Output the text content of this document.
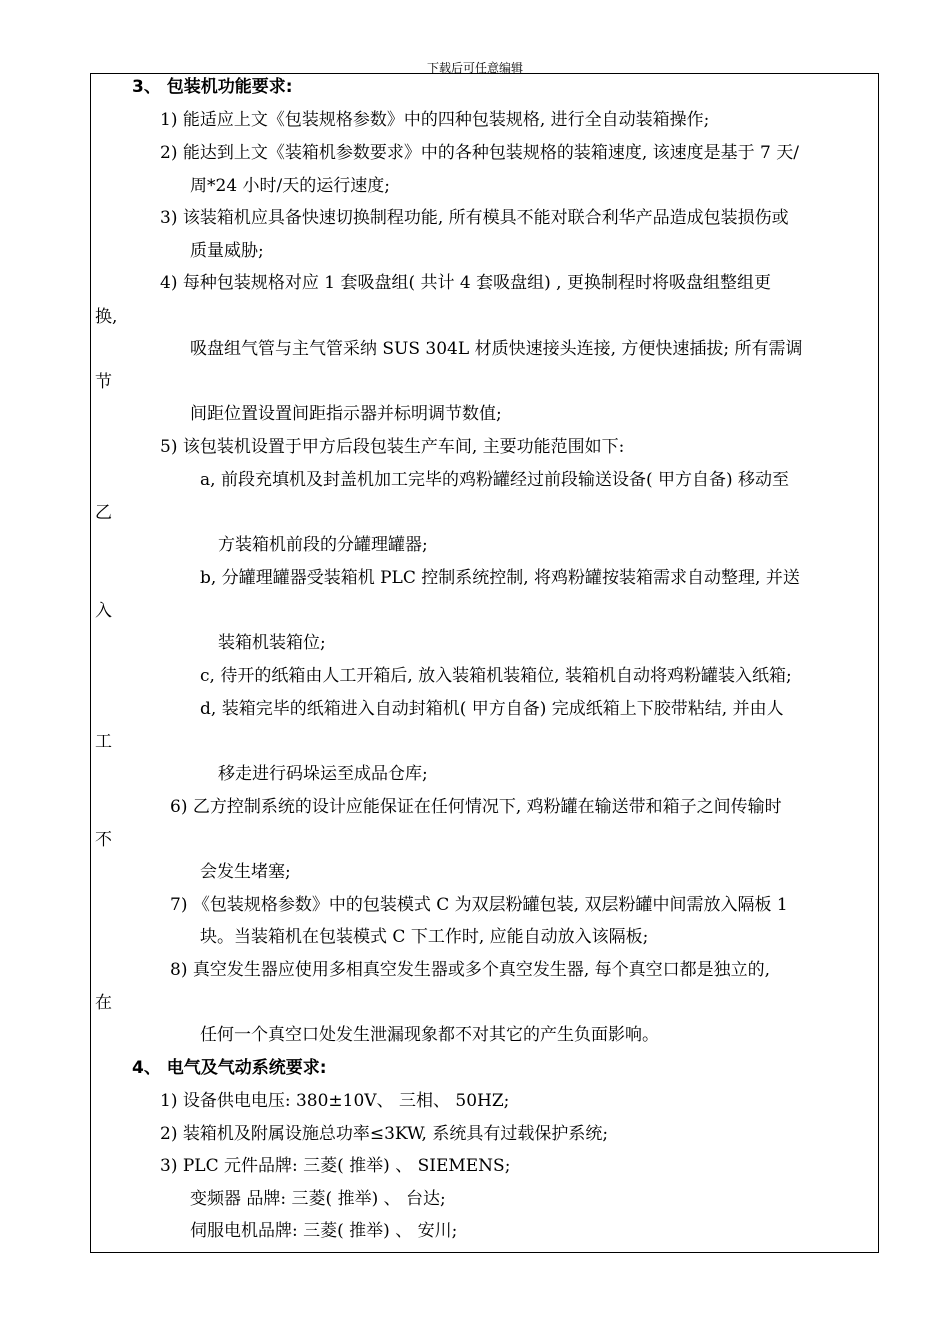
下载后可任意编辑
3、 包装机功能要求:
1) 能适应上文《包装规格参数》中的四种包装规格, 进行全自动装箱操作;
2) 能达到上文《装箱机参数要求》中的各种包装规格的装箱速度, 该速度是基于 7 天/
周*24 小时/天的运行速度;
3) 该装箱机应具备快速切换制程功能, 所有模具不能对联合利华产品造成包装损伤或
质量威胁;
4) 每种包装规格对应 1 套吸盘组( 共计 4 套吸盘组) , 更换制程时将吸盘组整组更
换,
吸盘组气管与主气管采纳 SUS 304L 材质快速接头连接, 方便快速插拔; 所有需调
节
间距位置设置间距指示器并标明调节数值;
5) 该包装机设置于甲方后段包装生产车间, 主要功能范围如下:
a, 前段充填机及封盖机加工完毕的鸡粉罐经过前段输送设备( 甲方自备) 移动至
乙
方装箱机前段的分罐理罐器;
b, 分罐理罐器受装箱机 PLC 控制系统控制, 将鸡粉罐按装箱需求自动整理, 并送
入
装箱机装箱位;
c, 待开的纸箱由人工开箱后, 放入装箱机装箱位, 装箱机自动将鸡粉罐装入纸箱;
d, 装箱完毕的纸箱进入自动封箱机( 甲方自备) 完成纸箱上下胶带粘结, 并由人
工
移走进行码垛运至成品仓库;
6) 乙方控制系统的设计应能保证在任何情况下, 鸡粉罐在输送带和箱子之间传输时
不
会发生堵塞;
7) 《包装规格参数》中的包装模式 C 为双层粉罐包装, 双层粉罐中间需放入隔板 1
块。当装箱机在包装模式 C 下工作时, 应能自动放入该隔板;
8) 真空发生器应使用多相真空发生器或多个真空发生器, 每个真空口都是独立的,
在
任何一个真空口处发生泄漏现象都不对其它的产生负面影响。
4、 电气及气动系统要求:
1) 设备供电电压: 380±10V、 三相、 50HZ;
2) 装箱机及附属设施总功率≤3KW, 系统具有过载保护系统;
3) PLC 元件品牌: 三菱( 推举) 、 SIEMENS;
变频器 品牌: 三菱( 推举) 、 台达;
伺服电机品牌: 三菱( 推举) 、 安川;
